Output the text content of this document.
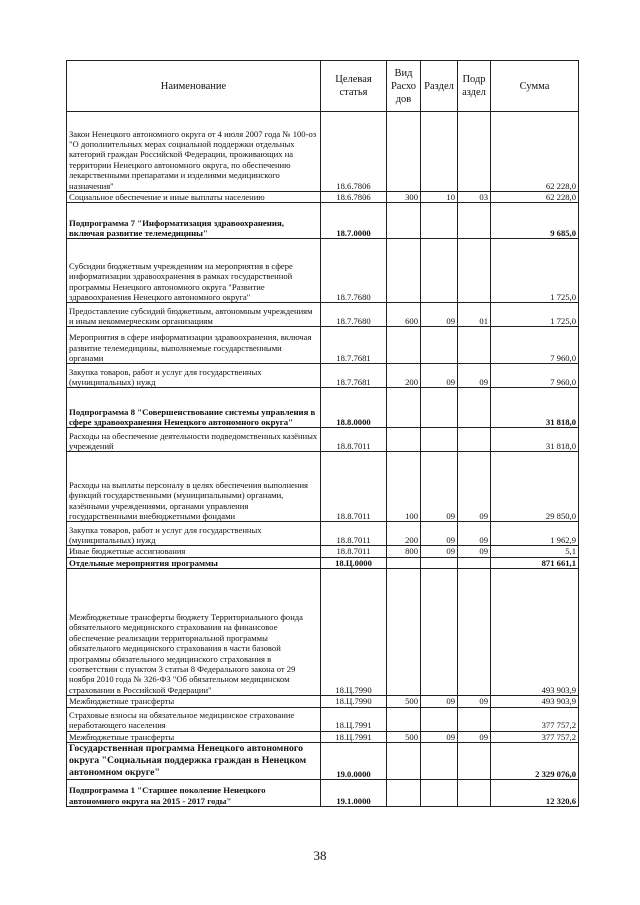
Наименование	Целевая статья	Вид Расхо дов	Раздел	Подр аздел	Сумма
Закон Ненецкого автономного округа от 4 июля 2007 года № 100-оз "О дополнительных мерах социальной поддержки отдельных категорий граждан Российской Федерации, проживающих на территории Ненецкого автономного округа, по обеспечению лекарственными препаратами и изделиями медицинского назначения"	18.6.7806				62 228,0
Социальное обеспечение и иные выплаты населению	18.6.7806	300	10	03	62 228,0
Подпрограмма 7 "Информатизация здравоохранения, включая развитие телемедицины"	18.7.0000				9 685,0
Субсидии бюджетным учреждениям на мероприятия в сфере информатизации здравоохранения в рамках государственной программы Ненецкого автономного округа "Развитие здравоохранения Ненецкого автономного округа"	18.7.7680				1 725,0
Предоставление субсидий бюджетным, автономным учреждениям и иным некоммерческим организациям	18.7.7680	600	09	01	1 725,0
Мероприятия в сфере информатизации здравоохранения, включая развитие телемедицины, выполняемые государственными органами	18.7.7681				7 960,0
Закупка товаров, работ и услуг для государственных (муниципальных) нужд	18.7.7681	200	09	09	7 960,0
Подпрограмма 8 "Совершенствование системы управления в сфере здравоохранения Ненецкого автономного округа"	18.8.0000				31 818,0
Расходы на обеспечение деятельности подведомственных казённых учреждений	18.8.7011				31 818,0
Расходы на выплаты персоналу в целях обеспечения выполнения функций государственными (муниципальными) органами, казёнными учреждениями, органами управления государственными внебюджетными фондами	18.8.7011	100	09	09	29 850,0
Закупка товаров, работ и услуг для государственных (муниципальных) нужд	18.8.7011	200	09	09	1 962,9
Иные бюджетные ассигнования	18.8.7011	800	09	09	5,1
Отдельные мероприятия программы	18.Ц.0000				871 661,1
Межбюджетные трансферты бюджету Территориального фонда обязательного медицинского страхования на финансовое обеспечение реализации территориальной программы обязательного медицинского страхования в части базовой программы обязательного медицинского страхования в соответствии с пунктом 3 статьи 8 Федерального закона от 29 ноября 2010 года № 326-ФЗ "Об обязательном медицинском страховании в Российской Федерации"	18.Ц.7990				493 903,9
Межбюджетные трансферты	18.Ц.7990	500	09	09	493 903,9
Страховые взносы на обязательное медицинское страхование неработающего населения	18.Ц.7991				377 757,2
Межбюджетные трансферты	18.Ц.7991	500	09	09	377 757,2
Государственная программа Ненецкого автономного округа "Социальная поддержка граждан в Ненецком автономном округе"	19.0.0000				2 329 076,0
Подпрограмма 1 "Старшее поколение Ненецкого автономного округа на 2015 - 2017 годы"	19.1.0000				12 320,6
38
